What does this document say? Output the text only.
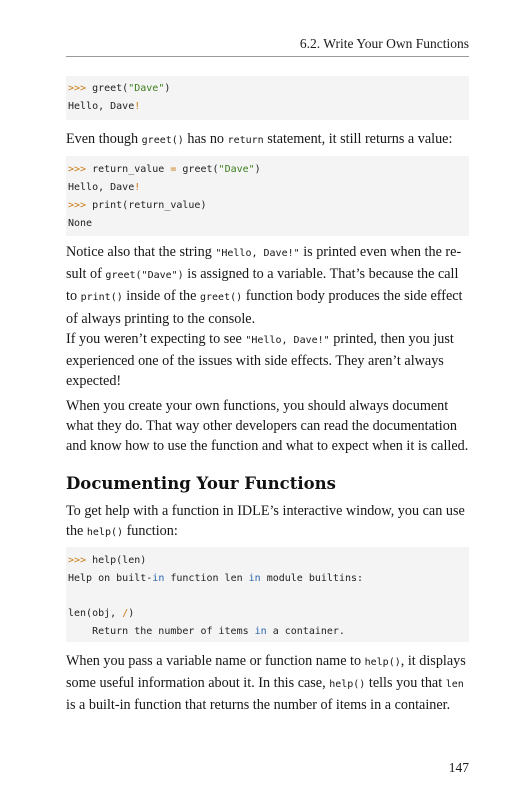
6.2. Write Your Own Functions
>>> greet("Dave")
Hello, Dave!
Even though greet() has no return statement, it still returns a value:
>>> return_value = greet("Dave")
Hello, Dave!
>>> print(return_value)
None
Notice also that the string "Hello, Dave!" is printed even when the re-
sult of greet("Dave") is assigned to a variable. That’s because the call
to print() inside of the greet() function body produces the side effect
of always printing to the console.
If you weren’t expecting to see "Hello, Dave!" printed, then you just
experienced one of the issues with side effects. They aren’t always
expected!
When you create your own functions, you should always document
what they do. That way other developers can read the documentation
and know how to use the function and what to expect when it is called.
Documenting Your Functions
To get help with a function in IDLE’s interactive window, you can use
the help() function:
>>> help(len)
Help on built-in function len in module builtins:
len(obj, /)
Return the number of items in a container.
When you pass a variable name or function name to help(), it displays
some useful information about it. In this case, help() tells you that len
is a built-in function that returns the number of items in a container.
147
